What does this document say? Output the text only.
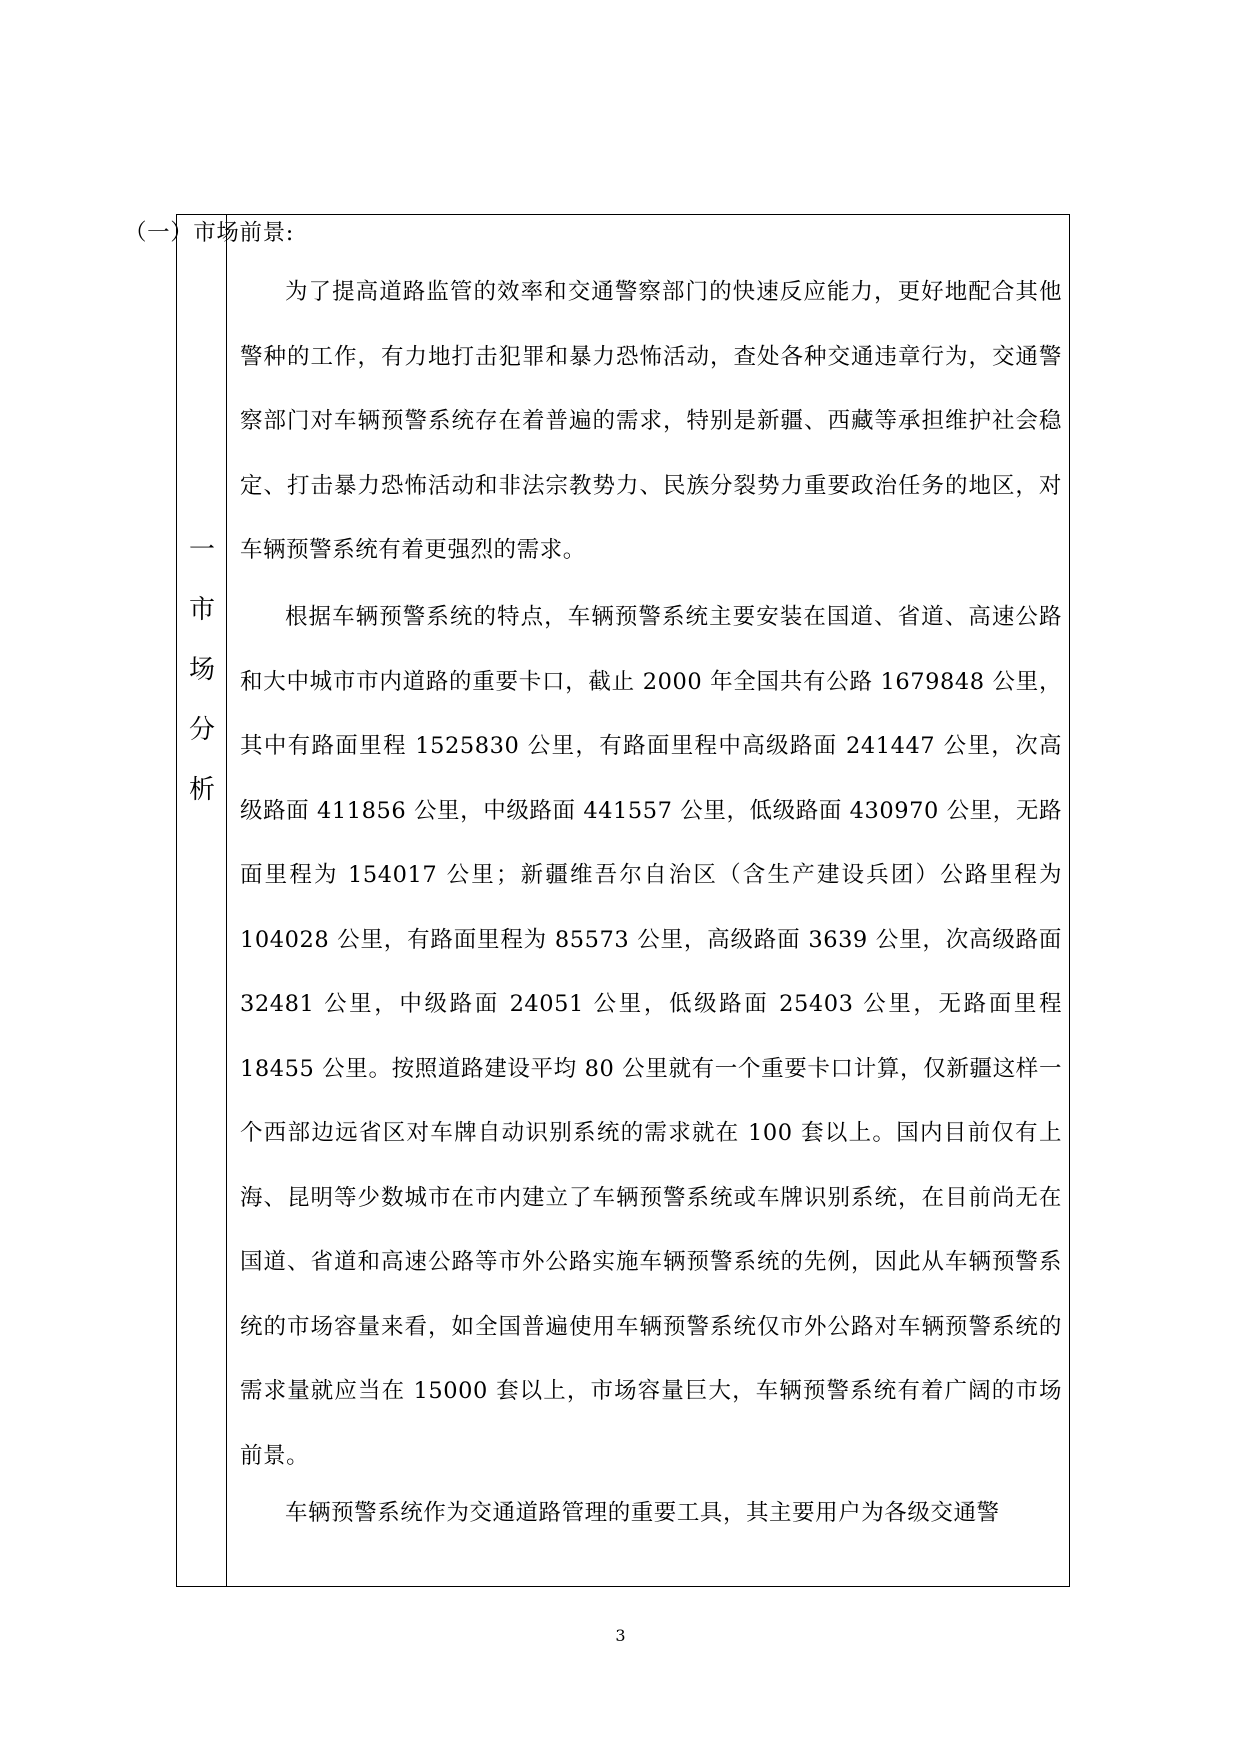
一
市
场
分
析
（一）市场前景:

为了提高道路监管的效率和交通警察部门的快速反应能力，更好地配合其他警种的工作，有力地打击犯罪和暴力恐怖活动，查处各种交通违章行为，交通警察部门对车辆预警系统存在着普遍的需求，特别是新疆、西藏等承担维护社会稳定、打击暴力恐怖活动和非法宗教势力、民族分裂势力重要政治任务的地区，对车辆预警系统有着更强烈的需求。

根据车辆预警系统的特点，车辆预警系统主要安装在国道、省道、高速公路和大中城市市内道路的重要卡口，截止 2000 年全国共有公路 1679848 公里，其中有路面里程 1525830 公里，有路面里程中高级路面 241447 公里，次高级路面 411856 公里，中级路面 441557 公里，低级路面 430970 公里，无路面里程为 154017 公里；新疆维吾尔自治区（含生产建设兵团）公路里程为 104028 公里，有路面里程为 85573 公里，高级路面 3639 公里，次高级路面 32481 公里，中级路面 24051 公里，低级路面 25403 公里，无路面里程 18455 公里。按照道路建设平均 80 公里就有一个重要卡口计算，仅新疆这样一个西部边远省区对车牌自动识别系统的需求就在 100 套以上。国内目前仅有上海、昆明等少数城市在市内建立了车辆预警系统或车牌识别系统，在目前尚无在国道、省道和高速公路等市外公路实施车辆预警系统的先例，因此从车辆预警系统的市场容量来看，如全国普遍使用车辆预警系统仅市外公路对车辆预警系统的需求量就应当在 15000 套以上，市场容量巨大，车辆预警系统有着广阔的市场前景。

车辆预警系统作为交通道路管理的重要工具，其主要用户为各级交通警

3
